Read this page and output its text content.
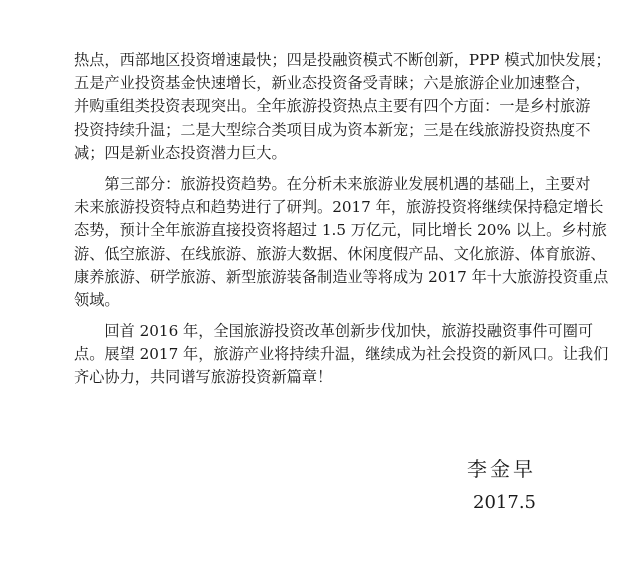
热点，西部地区投资增速最快；四是投融资模式不断创新，PPP 模式加快发展；
五是产业投资基金快速增长，新业态投资备受青睐；六是旅游企业加速整合，
并购重组类投资表现突出。全年旅游投资热点主要有四个方面：一是乡村旅游
投资持续升温；二是大型综合类项目成为资本新宠；三是在线旅游投资热度不
减；四是新业态投资潜力巨大。
　　第三部分：旅游投资趋势。在分析未来旅游业发展机遇的基础上，主要对
未来旅游投资特点和趋势进行了研判。2017 年，旅游投资将继续保持稳定增长
态势，预计全年旅游直接投资将超过 1.5 万亿元，同比增长 20% 以上。乡村旅
游、低空旅游、在线旅游、旅游大数据、休闲度假产品、文化旅游、体育旅游、
康养旅游、研学旅游、新型旅游装备制造业等将成为 2017 年十大旅游投资重点
领域。
　　回首 2016 年，全国旅游投资改革创新步伐加快，旅游投融资事件可圈可
点。展望 2017 年，旅游产业将持续升温，继续成为社会投资的新风口。让我们
齐心协力，共同谱写旅游投资新篇章！
李金早
2017.5
